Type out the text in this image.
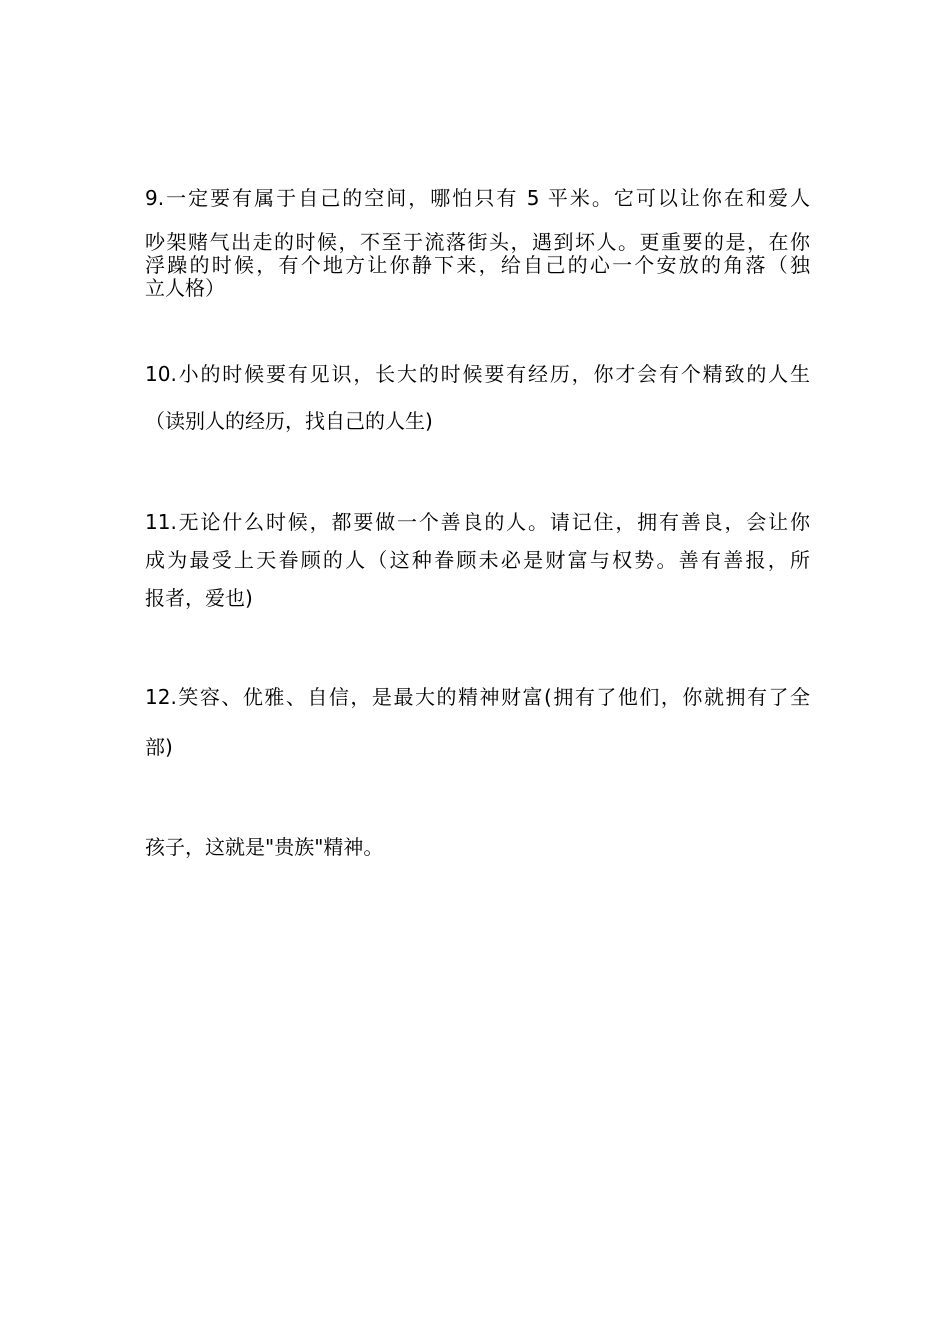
9.一定要有属于自己的空间，哪怕只有 5 平米。它可以让你在和爱人
吵架赌气出走的时候，不至于流落街头，遇到坏人。更重要的是，在你
浮躁的时候，有个地方让你静下来，给自己的心一个安放的角落（独
立人格）
10.小的时候要有见识，长大的时候要有经历，你才会有个精致的人生
（读别人的经历，找自己的人生)
11.无论什么时候，都要做一个善良的人。请记住，拥有善良，会让你
成为最受上天眷顾的人（这种眷顾未必是财富与权势。善有善报，所
报者，爱也)
12.笑容、优雅、自信，是最大的精神财富(拥有了他们，你就拥有了全
部)
孩子，这就是"贵族"精神。
